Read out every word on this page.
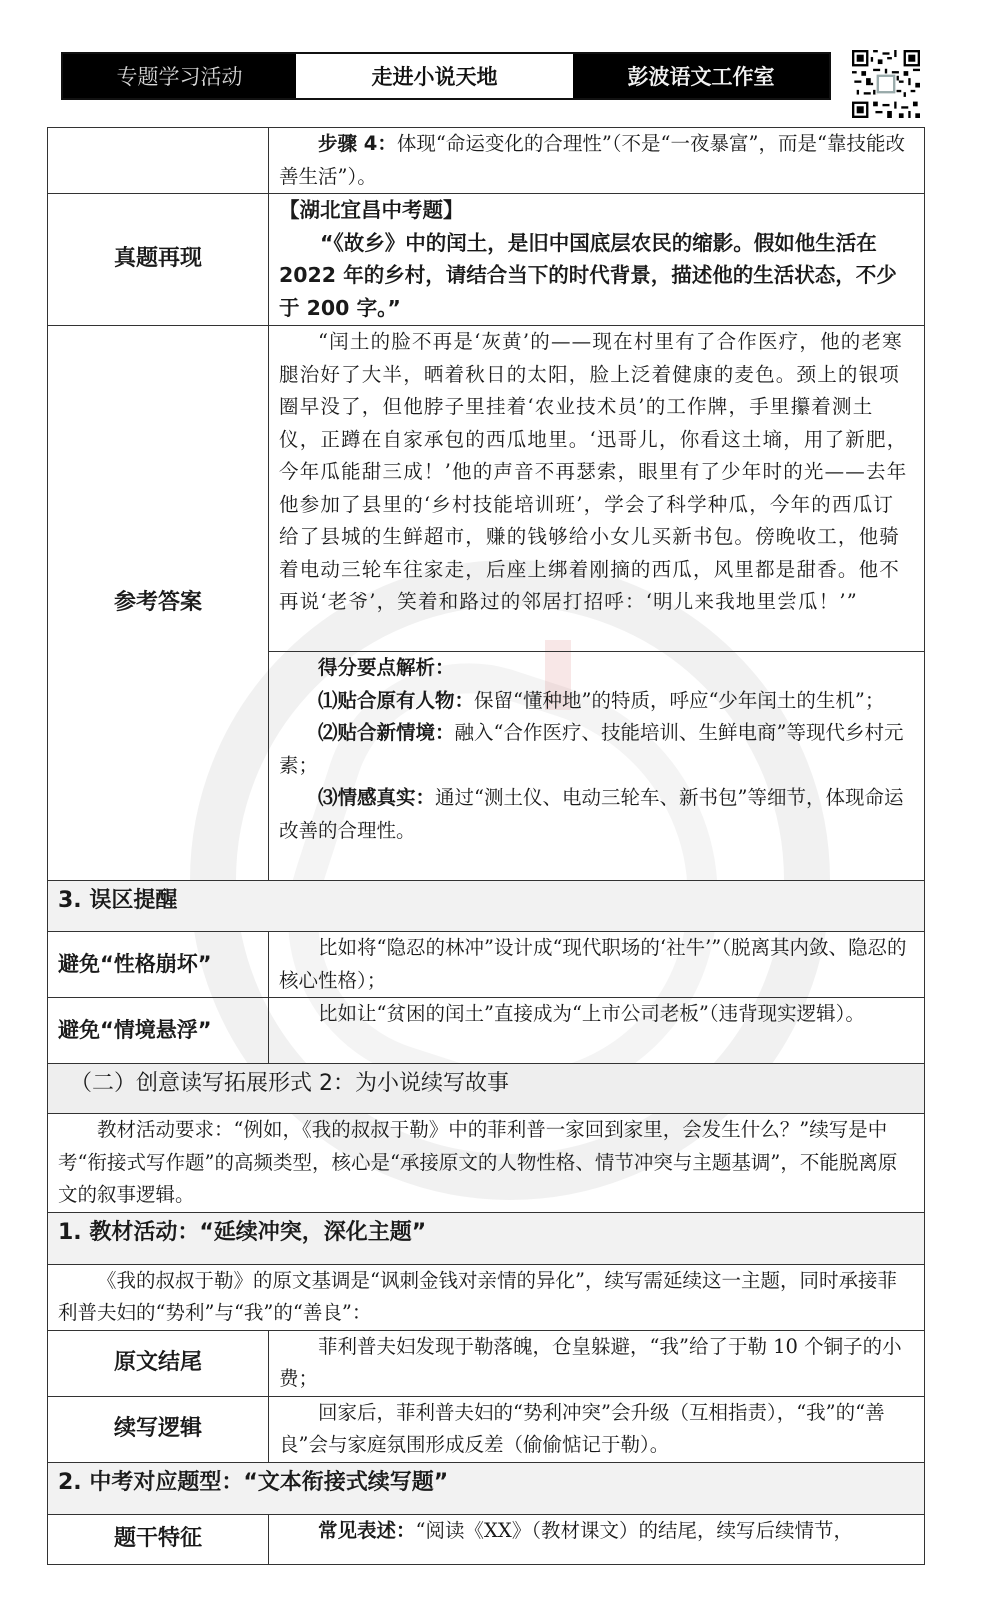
专题学习活动	走进小说天地	彭波语文工作室

	步骤 4：体现“命运变化的合理性”（不是“一夜暴富”，而是“靠技能改善生活”）。

真题再现	【湖北宜昌中考题】

“《故乡》中的闰土，是旧中国底层农民的缩影。假如他生活在 2022 年的乡村，请结合当下的时代背景，描述他的生活状态，不少于 200 字。”

参考答案	“闰土的脸不再是‘灰黄’的——现在村里有了合作医疗，他的老寒腿治好了大半，晒着秋日的太阳，脸上泛着健康的麦色。颈上的银项圈早没了，但他脖子里挂着‘农业技术员’的工作牌，手里攥着测土仪，正蹲在自家承包的西瓜地里。‘迅哥儿，你看这土墒，用了新肥，今年瓜能甜三成！’他的声音不再瑟索，眼里有了少年时的光——去年他参加了县里的‘乡村技能培训班’，学会了科学种瓜，今年的西瓜订给了县城的生鲜超市，赚的钱够给小女儿买新书包。傍晚收工，他骑着电动三轮车往家走，后座上绑着刚摘的西瓜，风里都是甜香。他不再说‘老爷’，笑着和路过的邻居打招呼：‘明儿来我地里尝瓜！’”

	得分要点解析：

⑴贴合原有人物：保留“懂种地”的特质，呼应“少年闰土的生机”；

⑵贴合新情境：融入“合作医疗、技能培训、生鲜电商”等现代乡村元素；

⑶情感真实：通过“测土仪、电动三轮车、新书包”等细节，体现命运改善的合理性。

3. 误区提醒	
避免“性格崩坏”	比如将“隐忍的林冲”设计成“现代职场的‘社牛’”（脱离其内敛、隐忍的核心性格）；

避免“情境悬浮”	比如让“贫困的闰土”直接成为“上市公司老板”（违背现实逻辑）。

（二）创意读写拓展形式 2：为小说续写故事	

教材活动要求：“例如，《我的叔叔于勒》中的菲利普一家回到家里，会发生什么？”续写是中考“衔接式写作题”的高频类型，核心是“承接原文的人物性格、情节冲突与主题基调”，不能脱离原文的叙事逻辑。	

1. 教材活动：“延续冲突，深化主题”	

《我的叔叔于勒》的原文基调是“讽刺金钱对亲情的异化”，续写需延续这一主题，同时承接菲利普夫妇的“势利”与“我”的“善良”：	

原文结尾	菲利普夫妇发现于勒落魄，仓皇躲避，“我”给了于勒 10 个铜子的小费；

续写逻辑	回家后，菲利普夫妇的“势利冲突”会升级（互相指责），“我”的“善良”会与家庭氛围形成反差（偷偷惦记于勒）。

2. 中考对应题型：“文本衔接式续写题”	
题干特征	常见表述：“阅读《XX》（教材课文）的结尾，续写后续情节，
